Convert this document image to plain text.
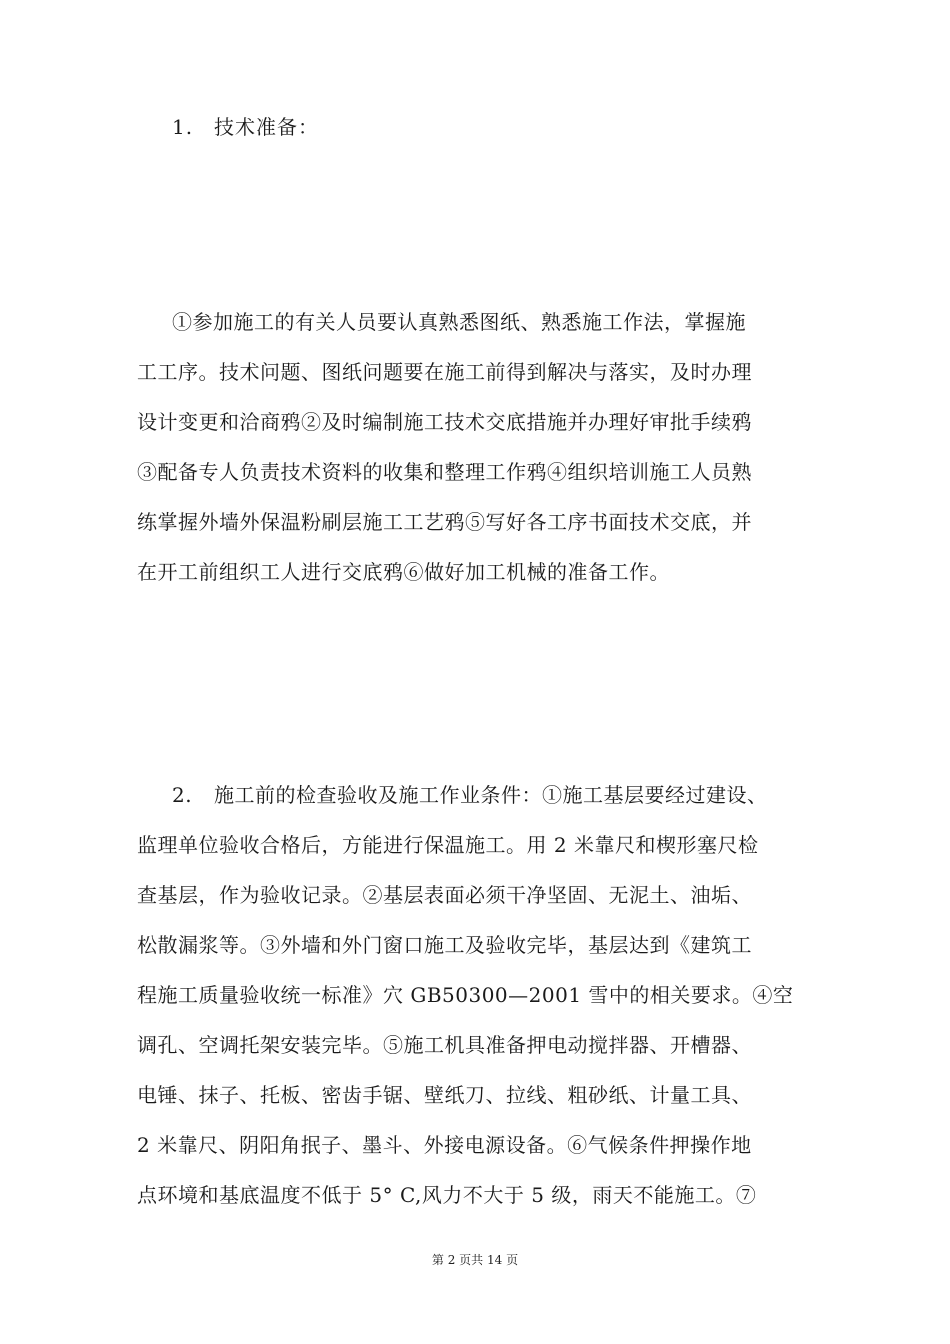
1. 技术准备：
①参加施工的有关人员要认真熟悉图纸、熟悉施工作法，掌握施
工工序。技术问题、图纸问题要在施工前得到解决与落实，及时办理
设计变更和洽商鸦②及时编制施工技术交底措施并办理好审批手续鸦
③配备专人负责技术资料的收集和整理工作鸦④组织培训施工人员熟
练掌握外墙外保温粉刷层施工工艺鸦⑤写好各工序书面技术交底，并
在开工前组织工人进行交底鸦⑥做好加工机械的准备工作。
2. 施工前的检查验收及施工作业条件：①施工基层要经过建设、
监理单位验收合格后，方能进行保温施工。用 2 米靠尺和楔形塞尺检
查基层，作为验收记录。②基层表面必须干净坚固、无泥土、油垢、
松散漏浆等。③外墙和外门窗口施工及验收完毕，基层达到《建筑工
程施工质量验收统一标准》穴 GB50300—2001 雪中的相关要求。④空
调孔、空调托架安装完毕。⑤施工机具准备押电动搅拌器、开槽器、
电锤、抹子、托板、密齿手锯、壁纸刀、拉线、粗砂纸、计量工具、
2 米靠尺、阴阳角抿子、墨斗、外接电源设备。⑥气候条件押操作地
点环境和基底温度不低于 5° C,风力不大于 5 级，雨天不能施工。⑦
第 2 页共 14 页
